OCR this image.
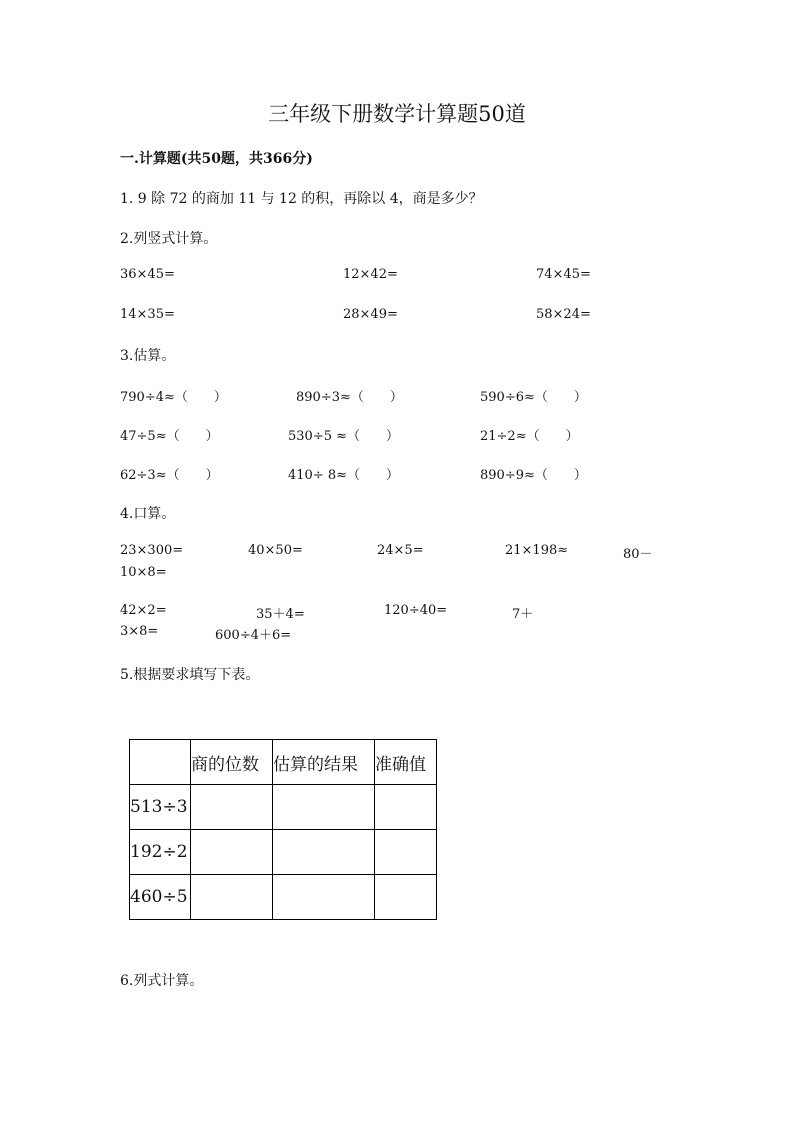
三年级下册数学计算题50道
一.计算题(共50题，共366分)
1. 9 除 72 的商加 11 与 12 的积，再除以 4，商是多少？
2.列竖式计算。
36×45=	12×42=	74×45=
14×35=	28×49=	58×24=
3.估算。
790÷4≈（　　）	890÷3≈（　　）	590÷6≈（　　）
47÷5≈（　　）	530÷5 ≈（　　）	21÷2≈（　　）
62÷3≈（　　）	410÷ 8≈（　　）	890÷9≈（　　）
4.口算。
23×300=	40×50=	24×5=	21×198≈	80－
10×8=
42×2=	35＋4=	120÷40=	7＋
3×8=	600÷4＋6=
5.根据要求填写下表。
	商的位数	估算的结果	准确值
513÷3			
192÷2			
460÷5			
6.列式计算。
